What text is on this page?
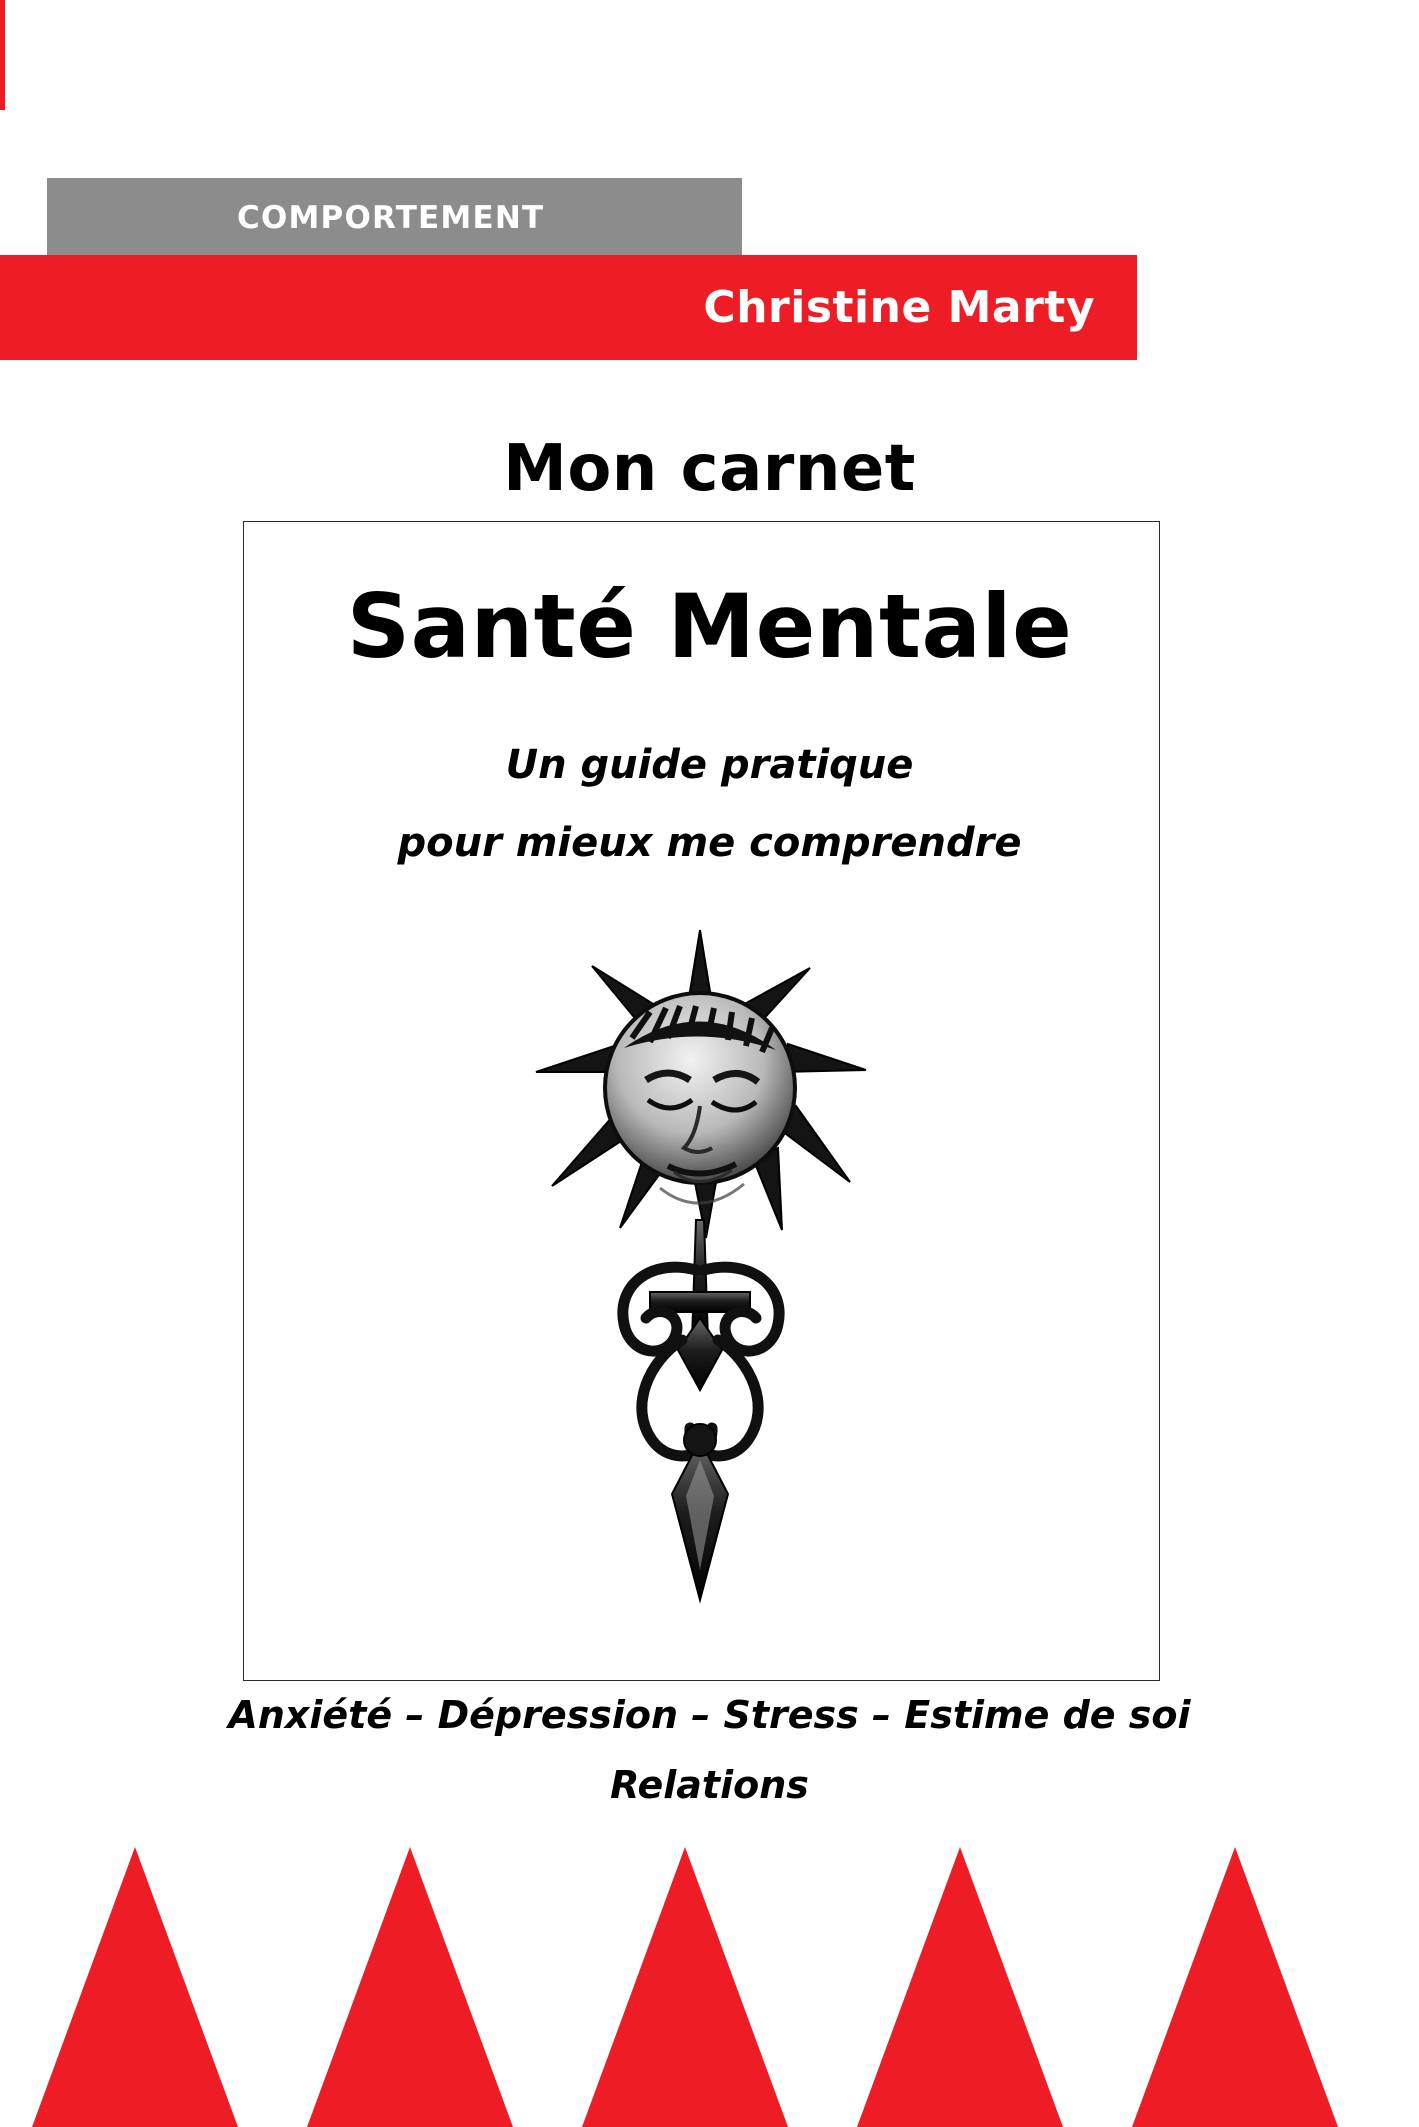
COMPORTEMENT
Christine Marty
Mon carnet
Santé Mentale
Un guide pratique
pour mieux me comprendre
Anxiété – Dépression – Stress – Estime de soi
Relations
